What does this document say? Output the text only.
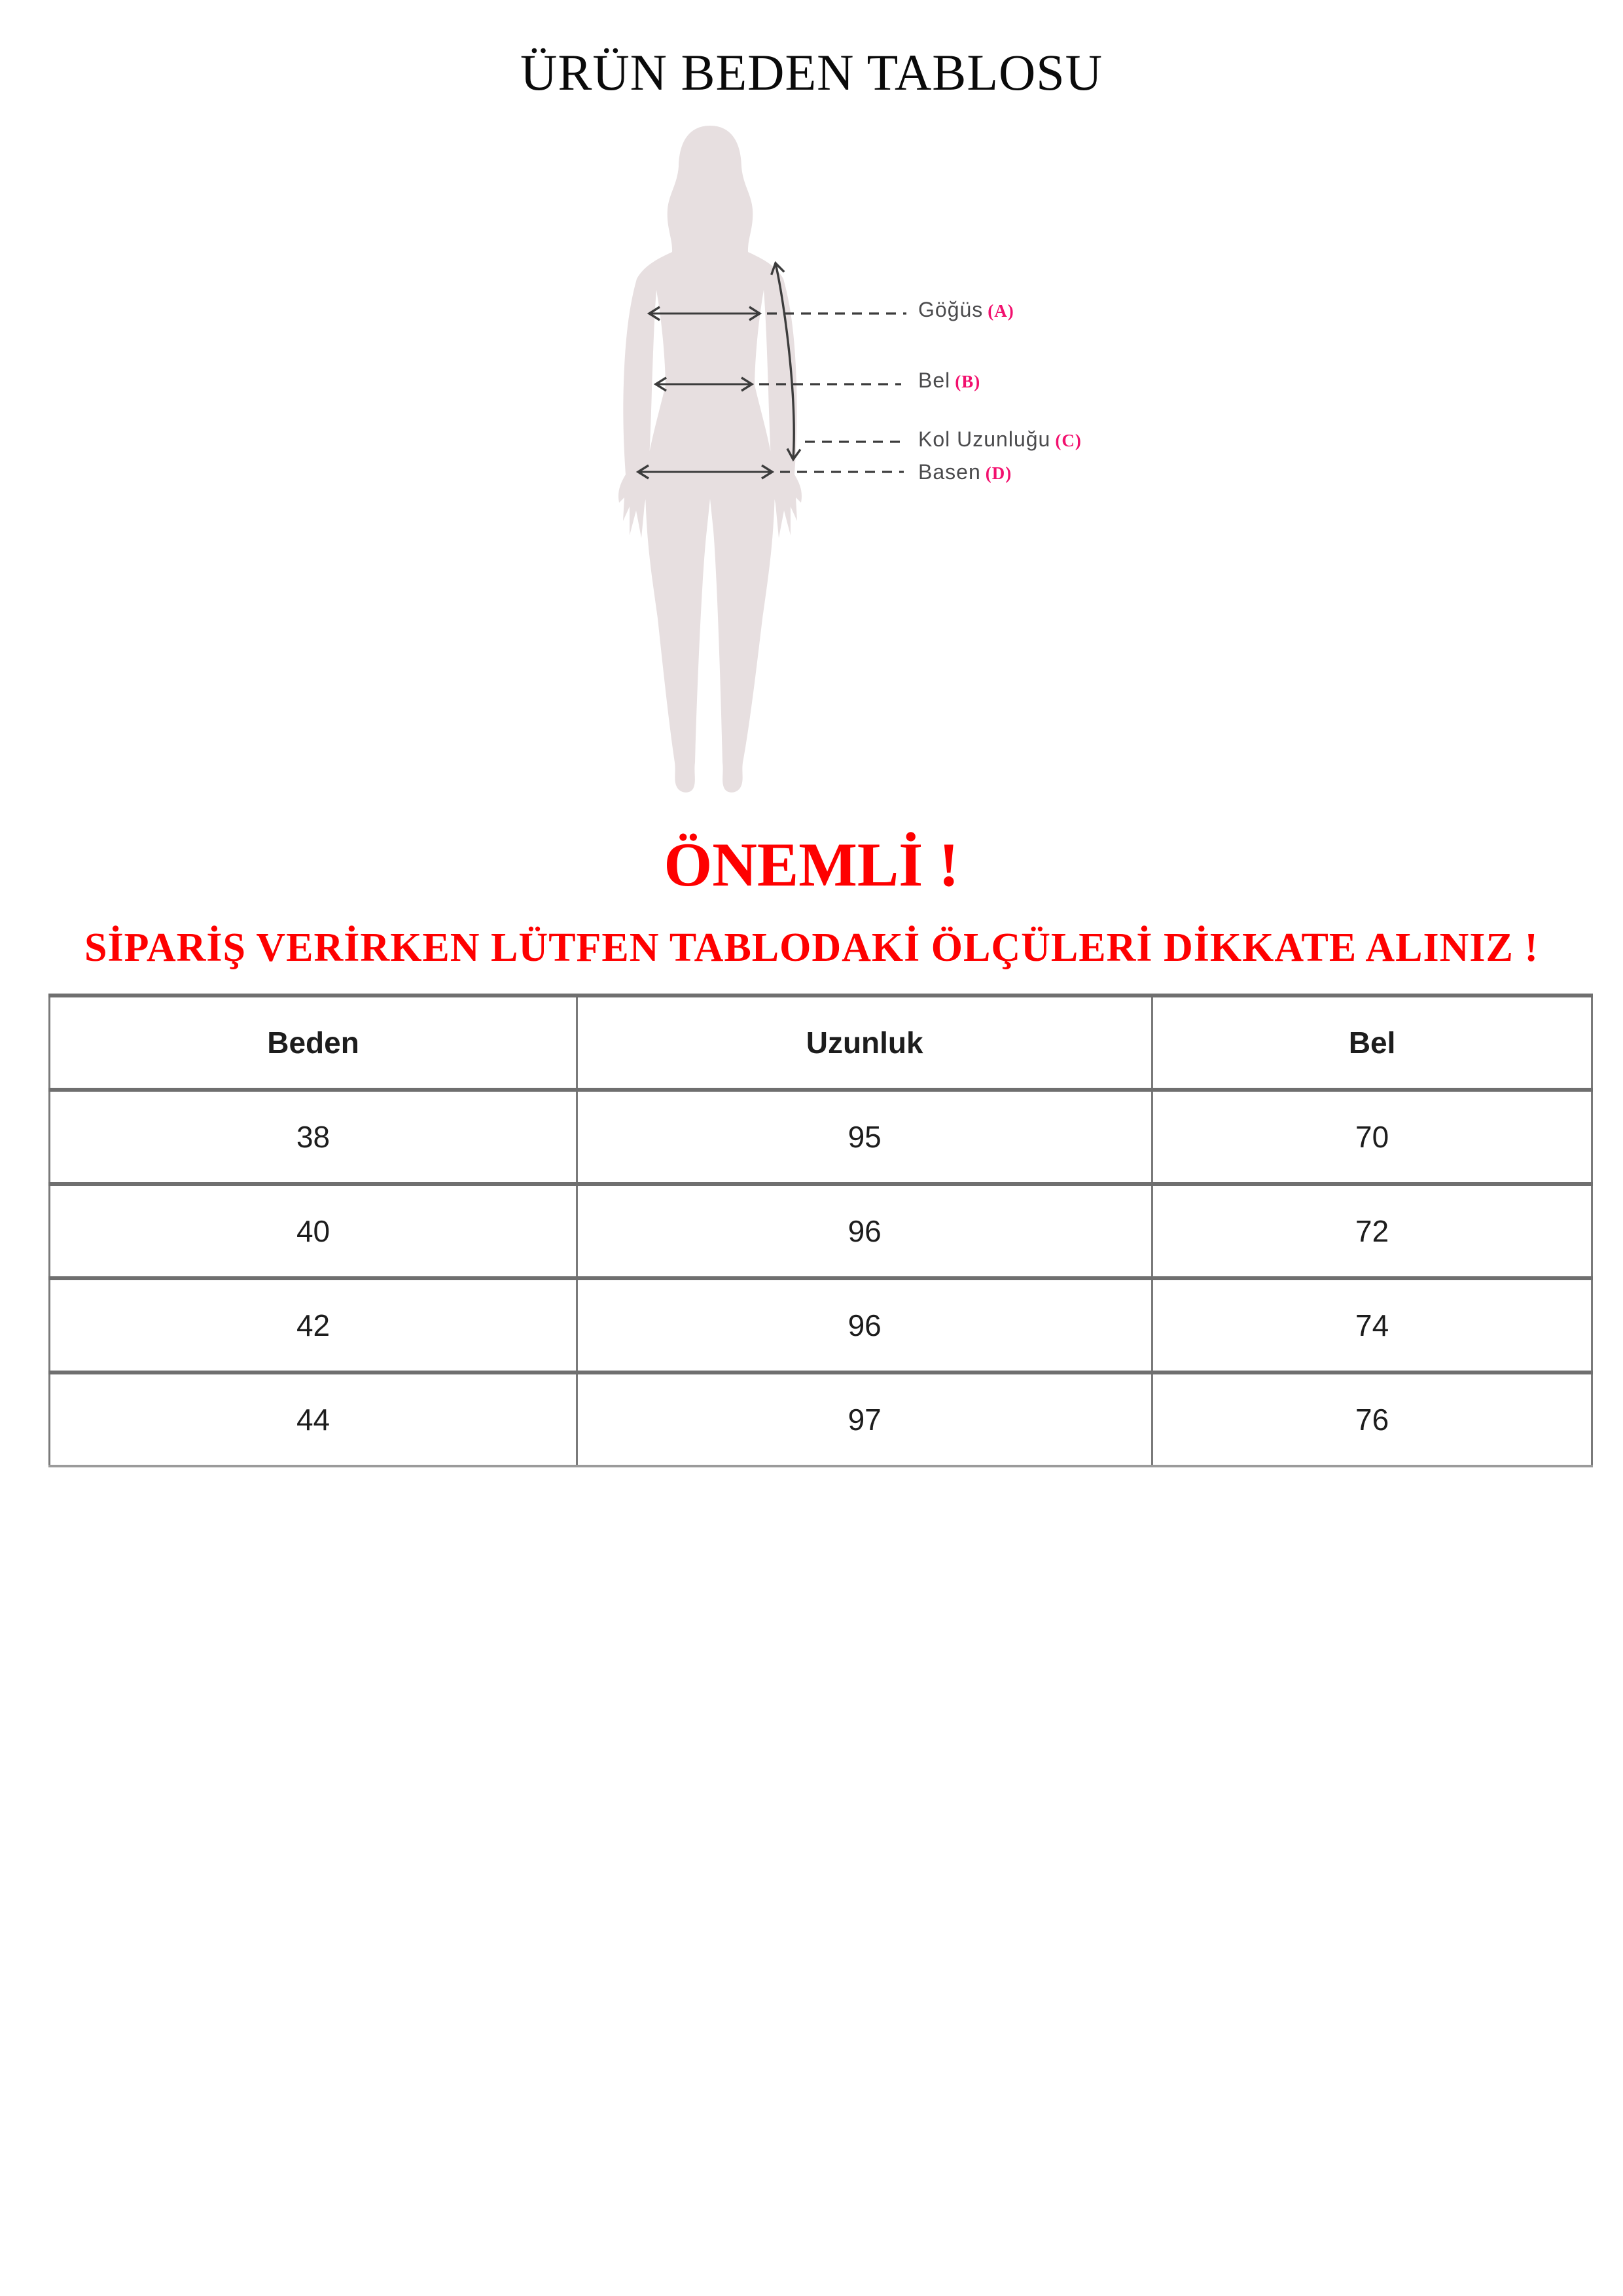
ÜRÜN BEDEN TABLOSU
Göğüs (A)
Bel (B)
Kol Uzunluğu (C)
Basen (D)
ÖNEMLİ !

SİPARİŞ VERİRKEN LÜTFEN TABLODAKİ ÖLÇÜLERİ DİKKATE ALINIZ !

Beden	Uzunluk	Bel
38	95	70
40	96	72
42	96	74
44	97	76
